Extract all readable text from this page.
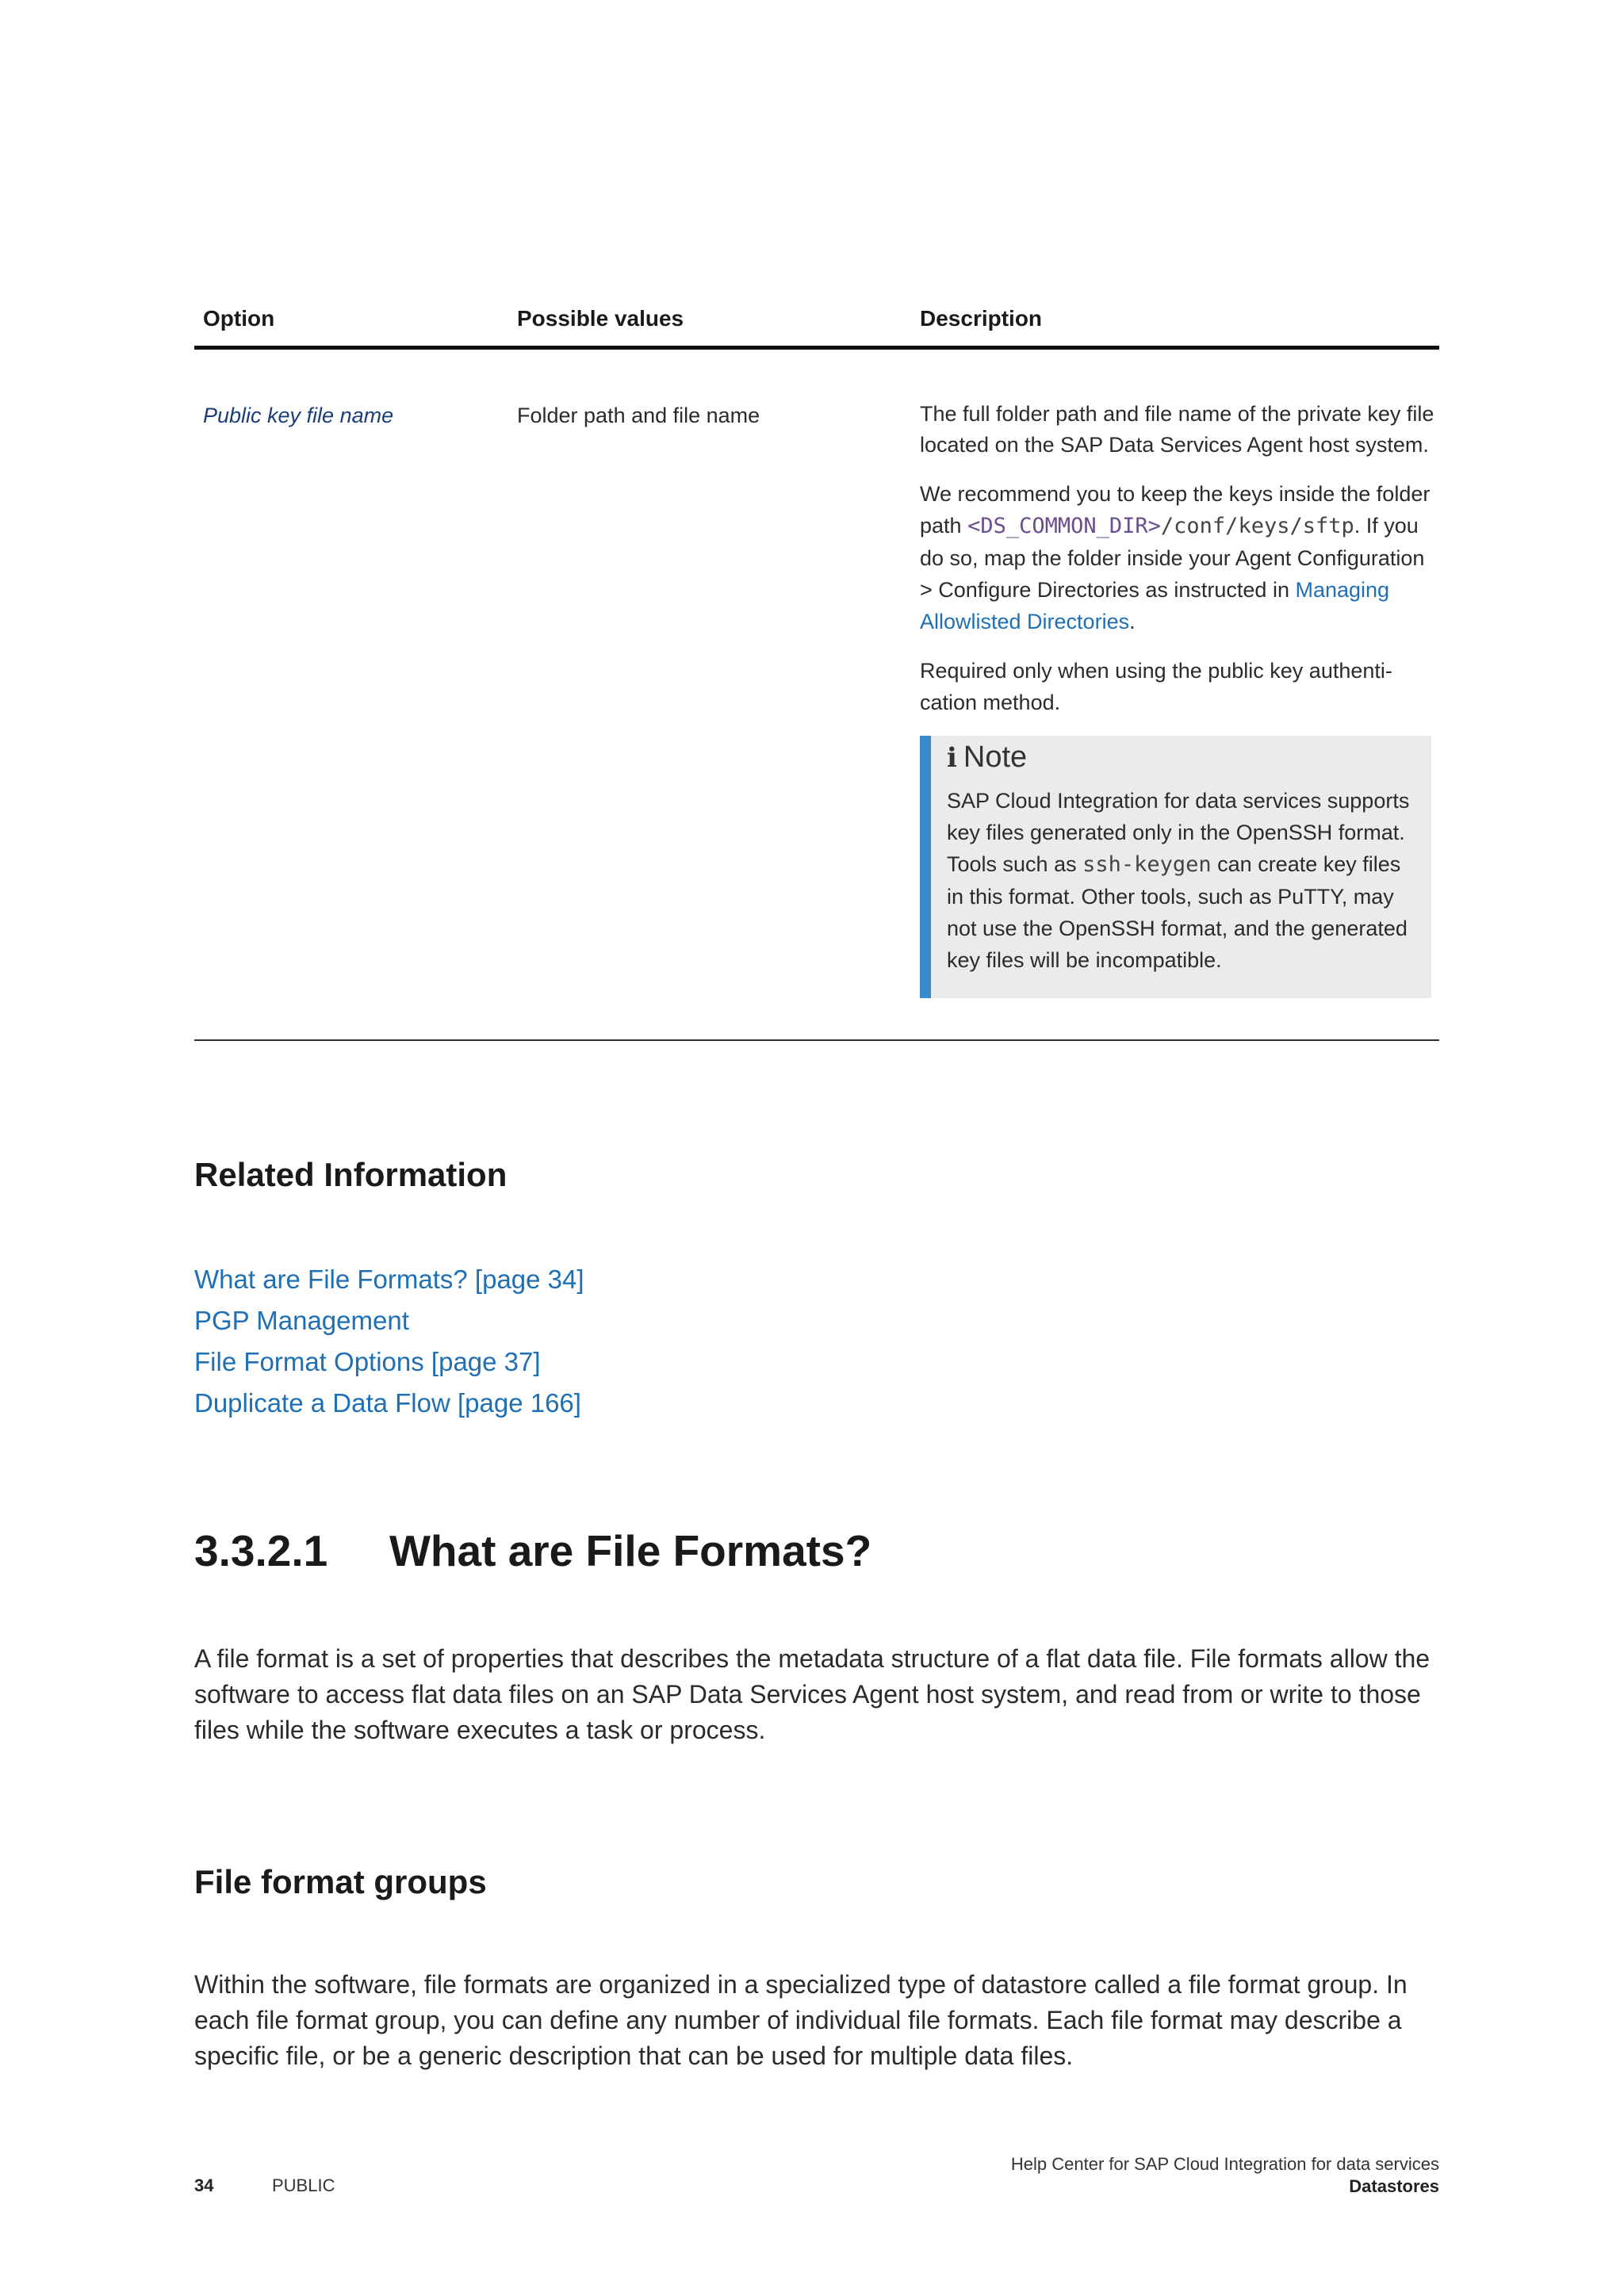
Option	Possible values	Description
Public key file name	Folder path and file name	The full folder path and file name of the private key file located on the SAP Data Services Agent host system.

We recommend you to keep the keys inside the folder path <DS_COMMON_DIR>/conf/keys/sftp. If you do so, map the folder inside your Agent Configuration > Configure Directories as instructed in Managing Allowlisted Directories.

Required only when using the public key authentication method.

i Note
SAP Cloud Integration for data services supports key files generated only in the OpenSSH format. Tools such as ssh-keygen can create key files in this format. Other tools, such as PuTTY, may not use the OpenSSH format, and the generated key files will be incompatible.
Related Information
What are File Formats? [page 34]
PGP Management
File Format Options [page 37]
Duplicate a Data Flow [page 166]
3.3.2.1 What are File Formats?

A file format is a set of properties that describes the metadata structure of a flat data file. File formats allow the software to access flat data files on an SAP Data Services Agent host system, and read from or write to those files while the software executes a task or process.

File format groups

Within the software, file formats are organized in a specialized type of datastore called a file format group. In each file format group, you can define any number of individual file formats. Each file format may describe a specific file, or be a generic description that can be used for multiple data files.

34	PUBLIC
Help Center for SAP Cloud Integration for data services
Datastores
